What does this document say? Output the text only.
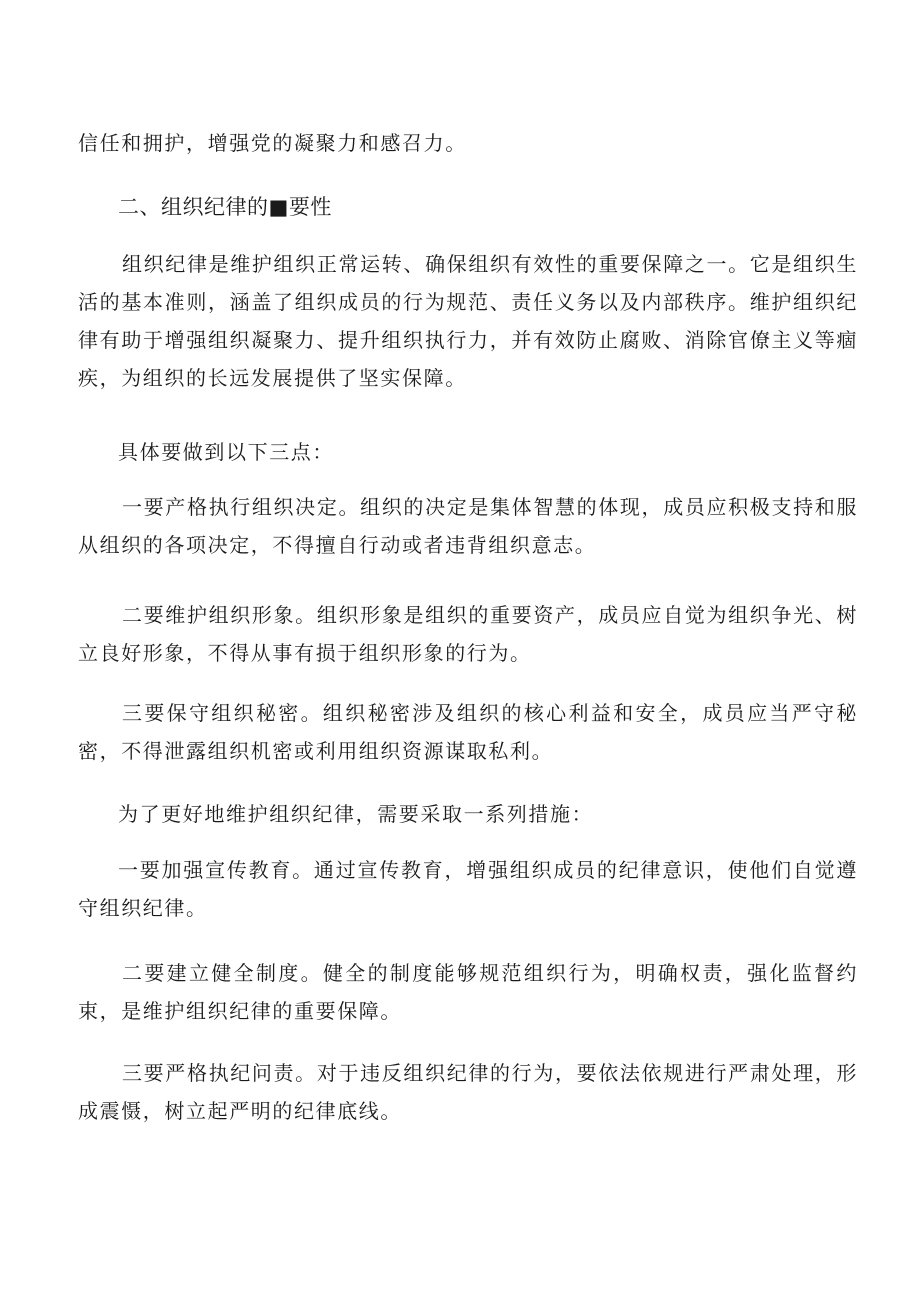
信任和拥护，增强党的凝聚力和感召力。

二、组织纪律的■要性

组织纪律是维护组织正常运转、确保组织有效性的重要保障之一。它是组织生活的基本准则，涵盖了组织成员的行为规范、责任义务以及内部秩序。维护组织纪律有助于增强组织凝聚力、提升组织执行力，并有效防止腐败、消除官僚主义等痼疾，为组织的长远发展提供了坚实保障。

具体要做到以下三点：

一要产格执行组织决定。组织的决定是集体智慧的体现，成员应积极支持和服从组织的各项决定，不得擅自行动或者违背组织意志。

二要维护组织形象。组织形象是组织的重要资产，成员应自觉为组织争光、树立良好形象，不得从事有损于组织形象的行为。

三要保守组织秘密。组织秘密涉及组织的核心利益和安全，成员应当严守秘密，不得泄露组织机密或利用组织资源谋取私利。

为了更好地维护组织纪律，需要采取一系列措施：

一要加强宣传教育。通过宣传教育，增强组织成员的纪律意识，使他们自觉遵守组织纪律。

二要建立健全制度。健全的制度能够规范组织行为，明确权责，强化监督约束，是维护组织纪律的重要保障。

三要严格执纪问责。对于违反组织纪律的行为，要依法依规进行严肃处理，形成震慑，树立起严明的纪律底线。
